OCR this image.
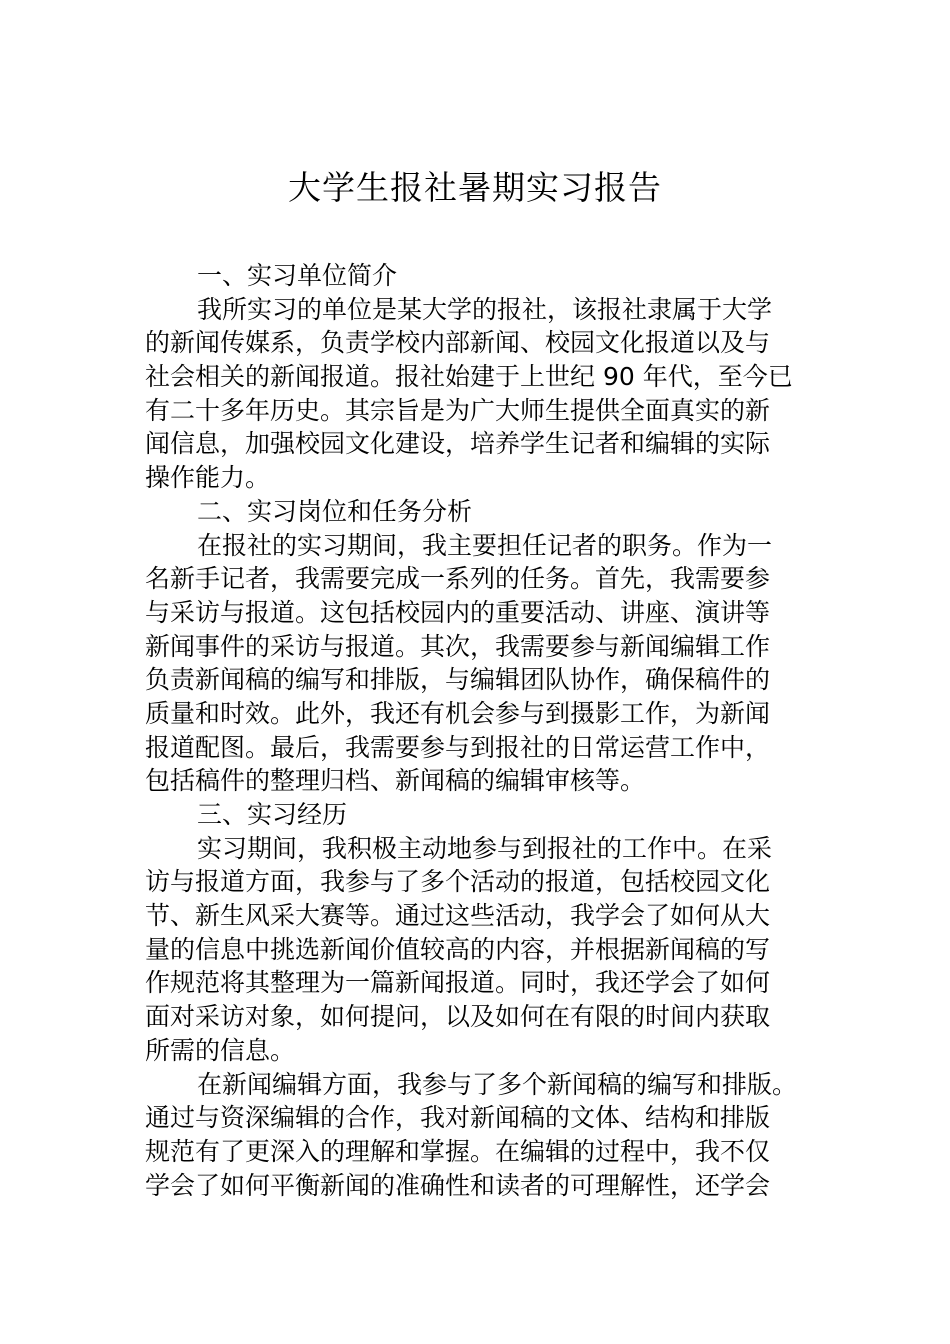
大学生报社暑期实习报告
一、实习单位简介
我所实习的单位是某大学的报社，该报社隶属于大学
的新闻传媒系，负责学校内部新闻、校园文化报道以及与
社会相关的新闻报道。报社始建于上世纪 90 年代，至今已
有二十多年历史。其宗旨是为广大师生提供全面真实的新
闻信息，加强校园文化建设，培养学生记者和编辑的实际
操作能力。
二、实习岗位和任务分析
在报社的实习期间，我主要担任记者的职务。作为一
名新手记者，我需要完成一系列的任务。首先，我需要参
与采访与报道。这包括校园内的重要活动、讲座、演讲等
新闻事件的采访与报道。其次，我需要参与新闻编辑工作
负责新闻稿的编写和排版，与编辑团队协作，确保稿件的
质量和时效。此外，我还有机会参与到摄影工作，为新闻
报道配图。最后，我需要参与到报社的日常运营工作中，
包括稿件的整理归档、新闻稿的编辑审核等。
三、实习经历
实习期间，我积极主动地参与到报社的工作中。在采
访与报道方面，我参与了多个活动的报道，包括校园文化
节、新生风采大赛等。通过这些活动，我学会了如何从大
量的信息中挑选新闻价值较高的内容，并根据新闻稿的写
作规范将其整理为一篇新闻报道。同时，我还学会了如何
面对采访对象，如何提问，以及如何在有限的时间内获取
所需的信息。
在新闻编辑方面，我参与了多个新闻稿的编写和排版。
通过与资深编辑的合作，我对新闻稿的文体、结构和排版
规范有了更深入的理解和掌握。在编辑的过程中，我不仅
学会了如何平衡新闻的准确性和读者的可理解性，还学会
